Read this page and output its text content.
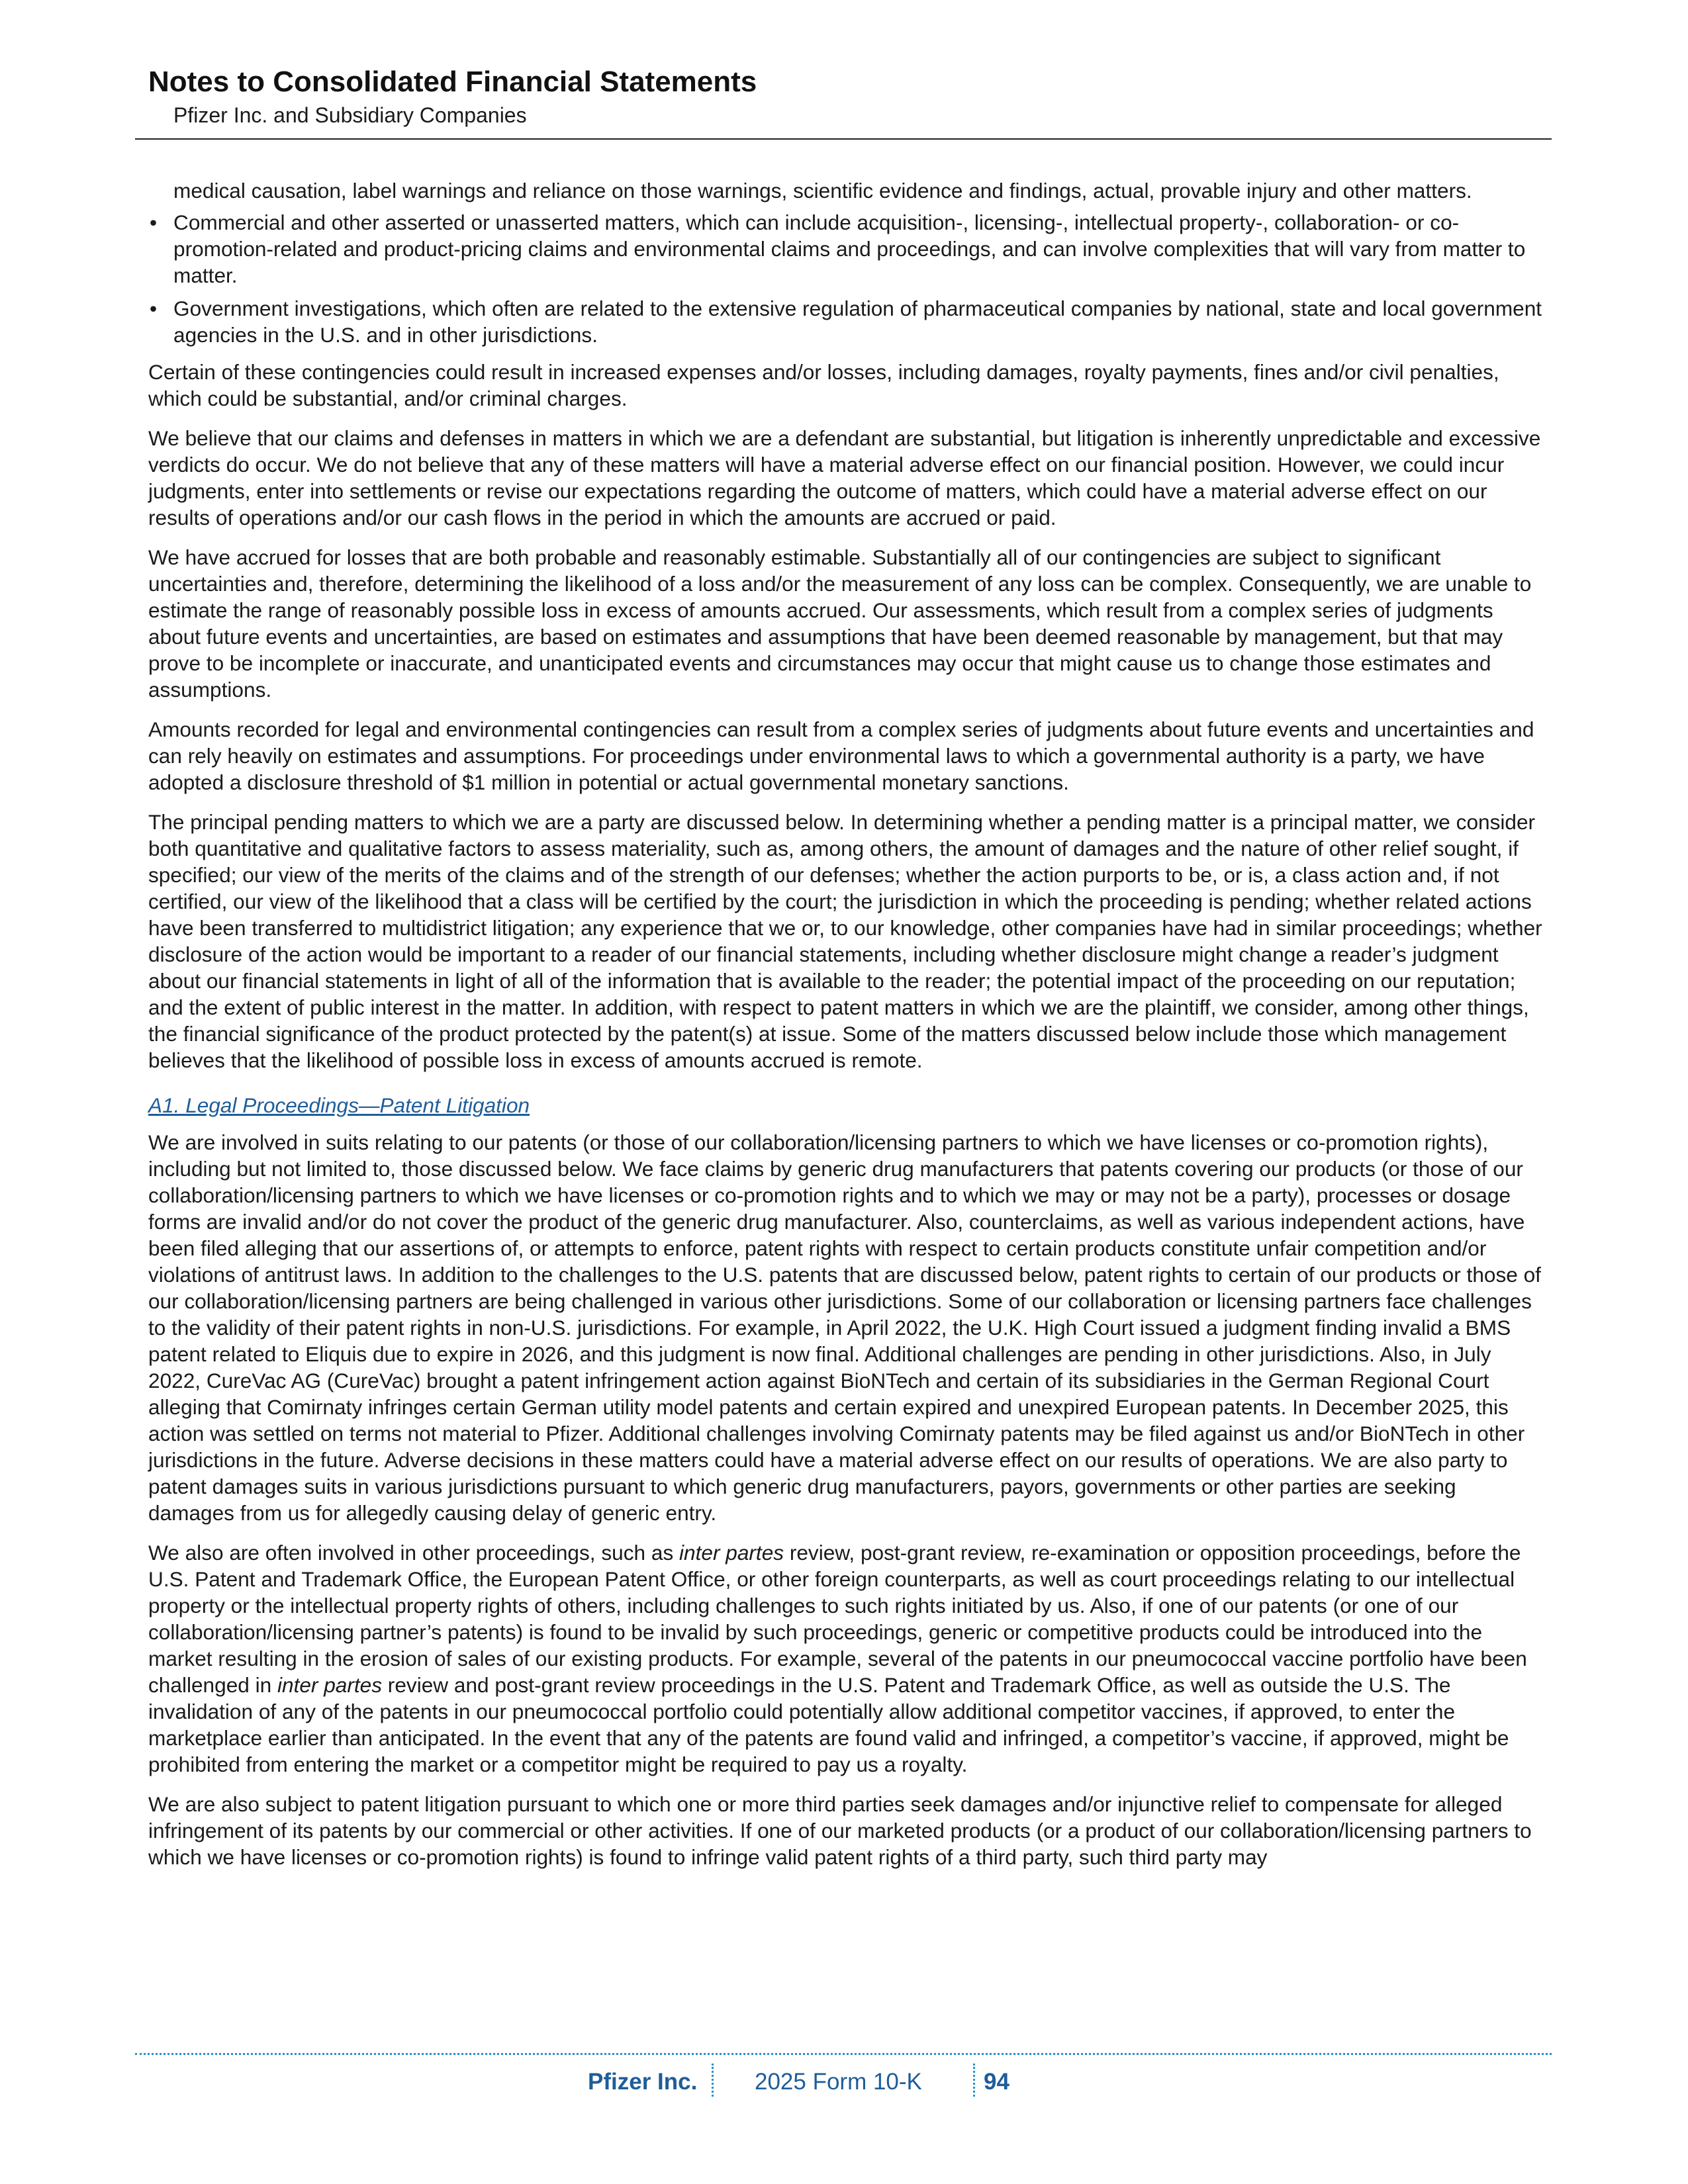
Notes to Consolidated Financial Statements
Pfizer Inc. and Subsidiary Companies

medical causation, label warnings and reliance on those warnings, scientific evidence and findings, actual, provable injury and other matters.

• Commercial and other asserted or unasserted matters, which can include acquisition-, licensing-, intellectual property-, collaboration- or co-promotion-related and product-pricing claims and environmental claims and proceedings, and can involve complexities that will vary from matter to matter.
• Government investigations, which often are related to the extensive regulation of pharmaceutical companies by national, state and local government agencies in the U.S. and in other jurisdictions.

Certain of these contingencies could result in increased expenses and/or losses, including damages, royalty payments, fines and/or civil penalties, which could be substantial, and/or criminal charges.

We believe that our claims and defenses in matters in which we are a defendant are substantial, but litigation is inherently unpredictable and excessive verdicts do occur. We do not believe that any of these matters will have a material adverse effect on our financial position. However, we could incur judgments, enter into settlements or revise our expectations regarding the outcome of matters, which could have a material adverse effect on our results of operations and/or our cash flows in the period in which the amounts are accrued or paid.

We have accrued for losses that are both probable and reasonably estimable. Substantially all of our contingencies are subject to significant uncertainties and, therefore, determining the likelihood of a loss and/or the measurement of any loss can be complex. Consequently, we are unable to estimate the range of reasonably possible loss in excess of amounts accrued. Our assessments, which result from a complex series of judgments about future events and uncertainties, are based on estimates and assumptions that have been deemed reasonable by management, but that may prove to be incomplete or inaccurate, and unanticipated events and circumstances may occur that might cause us to change those estimates and assumptions.

Amounts recorded for legal and environmental contingencies can result from a complex series of judgments about future events and uncertainties and can rely heavily on estimates and assumptions. For proceedings under environmental laws to which a governmental authority is a party, we have adopted a disclosure threshold of $1 million in potential or actual governmental monetary sanctions.

The principal pending matters to which we are a party are discussed below. In determining whether a pending matter is a principal matter, we consider both quantitative and qualitative factors to assess materiality, such as, among others, the amount of damages and the nature of other relief sought, if specified; our view of the merits of the claims and of the strength of our defenses; whether the action purports to be, or is, a class action and, if not certified, our view of the likelihood that a class will be certified by the court; the jurisdiction in which the proceeding is pending; whether related actions have been transferred to multidistrict litigation; any experience that we or, to our knowledge, other companies have had in similar proceedings; whether disclosure of the action would be important to a reader of our financial statements, including whether disclosure might change a reader’s judgment about our financial statements in light of all of the information that is available to the reader; the potential impact of the proceeding on our reputation; and the extent of public interest in the matter. In addition, with respect to patent matters in which we are the plaintiff, we consider, among other things, the financial significance of the product protected by the patent(s) at issue. Some of the matters discussed below include those which management believes that the likelihood of possible loss in excess of amounts accrued is remote.

A1. Legal Proceedings—Patent Litigation

We are involved in suits relating to our patents (or those of our collaboration/licensing partners to which we have licenses or co-promotion rights), including but not limited to, those discussed below. We face claims by generic drug manufacturers that patents covering our products (or those of our collaboration/licensing partners to which we have licenses or co-promotion rights and to which we may or may not be a party), processes or dosage forms are invalid and/or do not cover the product of the generic drug manufacturer. Also, counterclaims, as well as various independent actions, have been filed alleging that our assertions of, or attempts to enforce, patent rights with respect to certain products constitute unfair competition and/or violations of antitrust laws. In addition to the challenges to the U.S. patents that are discussed below, patent rights to certain of our products or those of our collaboration/licensing partners are being challenged in various other jurisdictions. Some of our collaboration or licensing partners face challenges to the validity of their patent rights in non-U.S. jurisdictions. For example, in April 2022, the U.K. High Court issued a judgment finding invalid a BMS patent related to Eliquis due to expire in 2026, and this judgment is now final. Additional challenges are pending in other jurisdictions. Also, in July 2022, CureVac AG (CureVac) brought a patent infringement action against BioNTech and certain of its subsidiaries in the German Regional Court alleging that Comirnaty infringes certain German utility model patents and certain expired and unexpired European patents. In December 2025, this action was settled on terms not material to Pfizer. Additional challenges involving Comirnaty patents may be filed against us and/or BioNTech in other jurisdictions in the future. Adverse decisions in these matters could have a material adverse effect on our results of operations. We are also party to patent damages suits in various jurisdictions pursuant to which generic drug manufacturers, payors, governments or other parties are seeking damages from us for allegedly causing delay of generic entry.

We also are often involved in other proceedings, such as inter partes review, post-grant review, re-examination or opposition proceedings, before the U.S. Patent and Trademark Office, the European Patent Office, or other foreign counterparts, as well as court proceedings relating to our intellectual property or the intellectual property rights of others, including challenges to such rights initiated by us. Also, if one of our patents (or one of our collaboration/licensing partner’s patents) is found to be invalid by such proceedings, generic or competitive products could be introduced into the market resulting in the erosion of sales of our existing products. For example, several of the patents in our pneumococcal vaccine portfolio have been challenged in inter partes review and post-grant review proceedings in the U.S. Patent and Trademark Office, as well as outside the U.S. The invalidation of any of the patents in our pneumococcal portfolio could potentially allow additional competitor vaccines, if approved, to enter the marketplace earlier than anticipated. In the event that any of the patents are found valid and infringed, a competitor’s vaccine, if approved, might be prohibited from entering the market or a competitor might be required to pay us a royalty.

We are also subject to patent litigation pursuant to which one or more third parties seek damages and/or injunctive relief to compensate for alleged infringement of its patents by our commercial or other activities. If one of our marketed products (or a product of our collaboration/licensing partners to which we have licenses or co-promotion rights) is found to infringe valid patent rights of a third party, such third party may

Pfizer Inc. 2025 Form 10-K	94
